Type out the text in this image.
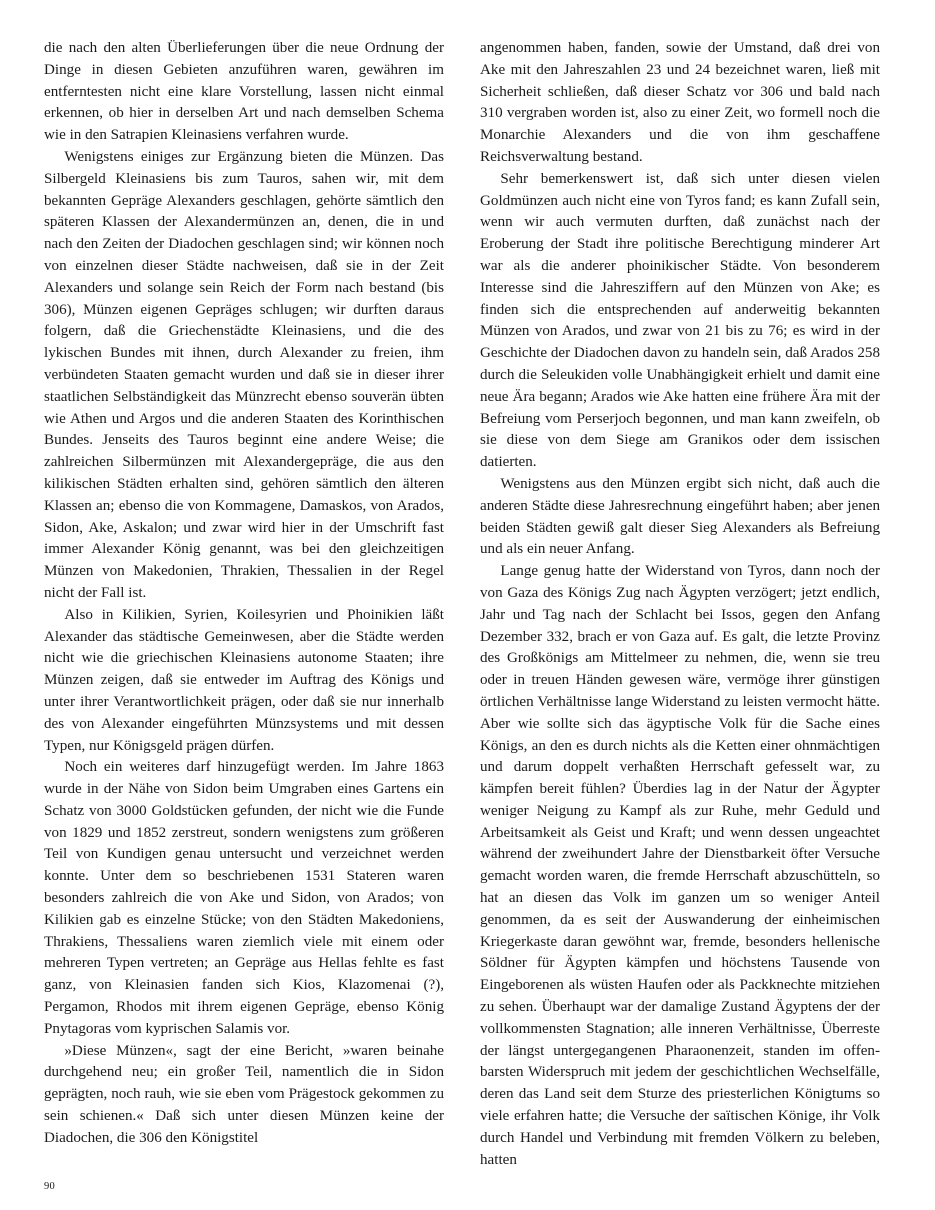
die nach den alten Überlieferungen über die neue Ordnung der Dinge in diesen Gebieten anzuführen waren, gewähren im entferntesten nicht eine klare Vorstellung, lassen nicht einmal erkennen, ob hier in derselben Art und nach demselben Schema wie in den Satrapien Kleinasiens verfahren wurde.

Wenigstens einiges zur Ergänzung bieten die Münzen. Das Silbergeld Kleinasiens bis zum Tauros, sahen wir, mit dem bekannten Gepräge Alexanders geschlagen, gehörte sämtlich den späteren Klassen der Alexandermünzen an, denen, die in und nach den Zeiten der Diadochen geschlagen sind; wir können noch von einzelnen dieser Städte nachweisen, daß sie in der Zeit Alexanders und solange sein Reich der Form nach bestand (bis 306), Münzen eigenen Gepräges schlugen; wir durften daraus folgern, daß die Griechenstädte Kleinasiens, und die des lykischen Bundes mit ihnen, durch Alexander zu freien, ihm verbündeten Staaten gemacht wurden und daß sie in dieser ihrer staatlichen Selbständigkeit das Münzrecht ebenso souverän übten wie Athen und Argos und die anderen Staaten des Korinthischen Bundes. Jenseits des Tauros beginnt eine andere Weise; die zahlreichen Silbermünzen mit Alexandergepräge, die aus den kilikischen Städten erhalten sind, gehören sämtlich den älteren Klassen an; ebenso die von Kommagene, Damaskos, von Arados, Sidon, Ake, Askalon; und zwar wird hier in der Umschrift fast immer Alexander König genannt, was bei den gleichzeitigen Münzen von Makedonien, Thrakien, Thessalien in der Regel nicht der Fall ist.

Also in Kilikien, Syrien, Koilesyrien und Phoinikien läßt Alexander das städtische Gemeinwesen, aber die Städte werden nicht wie die griechischen Kleinasiens autonome Staaten; ihre Münzen zeigen, daß sie entweder im Auftrag des Königs und unter ihrer Verantwortlichkeit prägen, oder daß sie nur innerhalb des von Alexander eingeführten Münzsystems und mit dessen Typen, nur Königsgeld prägen dürfen.

Noch ein weiteres darf hinzugefügt werden. Im Jahre 1863 wurde in der Nähe von Sidon beim Umgraben eines Gartens ein Schatz von 3000 Goldstücken gefunden, der nicht wie die Funde von 1829 und 1852 zerstreut, sondern wenigstens zum größeren Teil von Kundigen genau untersucht und verzeichnet werden konnte. Unter dem so beschriebenen 1531 Stateren waren besonders zahlreich die von Ake und Sidon, von Arados; von Kilikien gab es einzelne Stücke; von den Städten Makedoniens, Thrakiens, Thessaliens waren ziemlich viele mit einem oder mehreren Typen vertreten; an Gepräge aus Hellas fehlte es fast ganz, von Kleinasien fanden sich Kios, Klazomenai (?), Pergamon, Rhodos mit ihrem eigenen Gepräge, ebenso König Pnytagoras vom kyprischen Salamis vor.

»Diese Münzen«, sagt der eine Bericht, »waren beinahe durchgehend neu; ein großer Teil, namentlich die in Sidon geprägten, noch rauh, wie sie eben vom Prägestock gekommen zu sein schienen.« Daß sich unter diesen Münzen keine der Diadochen, die 306 den Königstitel

angenommen haben, fanden, sowie der Umstand, daß drei von Ake mit den Jahreszahlen 23 und 24 bezeichnet waren, ließ mit Sicherheit schließen, daß dieser Schatz vor 306 und bald nach 310 vergraben worden ist, also zu einer Zeit, wo formell noch die Monarchie Alexanders und die von ihm geschaffene Reichsverwaltung bestand.

Sehr bemerkenswert ist, daß sich unter diesen vielen Goldmünzen auch nicht eine von Tyros fand; es kann Zufall sein, wenn wir auch vermuten durften, daß zunächst nach der Eroberung der Stadt ihre politische Berechtigung minderer Art war als die anderer phoinikischer Städte. Von besonderem Interesse sind die Jahresziffern auf den Münzen von Ake; es finden sich die entsprechenden auf anderweitig bekannten Münzen von Arados, und zwar von 21 bis zu 76; es wird in der Geschichte der Diadochen davon zu handeln sein, daß Arados 258 durch die Seleukiden volle Unabhängigkeit erhielt und damit eine neue Ära begann; Arados wie Ake hatten eine frühere Ära mit der Befreiung vom Perserjoch begonnen, und man kann zweifeln, ob sie diese von dem Siege am Granikos oder dem issischen datierten.

Wenigstens aus den Münzen ergibt sich nicht, daß auch die anderen Städte diese Jahresrechnung eingeführt haben; aber jenen beiden Städten gewiß galt dieser Sieg Alexanders als Befreiung und als ein neuer Anfang.

Lange genug hatte der Widerstand von Tyros, dann noch der von Gaza des Königs Zug nach Ägypten verzögert; jetzt endlich, Jahr und Tag nach der Schlacht bei Issos, gegen den Anfang Dezember 332, brach er von Gaza auf. Es galt, die letzte Provinz des Großkönigs am Mittelmeer zu nehmen, die, wenn sie treu oder in treuen Händen gewesen wäre, vermöge ihrer günstigen örtlichen Verhältnisse lange Widerstand zu leisten vermocht hätte. Aber wie sollte sich das ägyptische Volk für die Sache eines Königs, an den es durch nichts als die Ketten einer ohnmächtigen und darum doppelt verhaßten Herrschaft gefesselt war, zu kämpfen bereit fühlen? Überdies lag in der Natur der Ägypter weniger Neigung zu Kampf als zur Ruhe, mehr Geduld und Arbeitsamkeit als Geist und Kraft; und wenn dessen ungeachtet während der zweihundert Jahre der Dienstbarkeit öfter Versuche gemacht worden waren, die fremde Herrschaft abzuschütteln, so hat an diesen das Volk im ganzen um so weniger Anteil genommen, da es seit der Auswanderung der einheimischen Kriegerkaste daran gewöhnt war, fremde, besonders hellenische Söldner für Ägypten kämpfen und höchstens Tausende von Eingeborenen als wüsten Haufen oder als Packknechte mitziehen zu sehen. Überhaupt war der damalige Zustand Ägyptens der der vollkommensten Stagnation; alle inneren Verhältnisse, Überreste der längst untergegangenen Pharaonenzeit, standen im offenbarsten Widerspruch mit jedem der geschichtlichen Wechselfälle, deren das Land seit dem Sturze des priesterlichen Königtums so viele erfahren hatte; die Versuche der saïtischen Könige, ihr Volk durch Handel und Verbindung mit fremden Völkern zu beleben, hatten

90
